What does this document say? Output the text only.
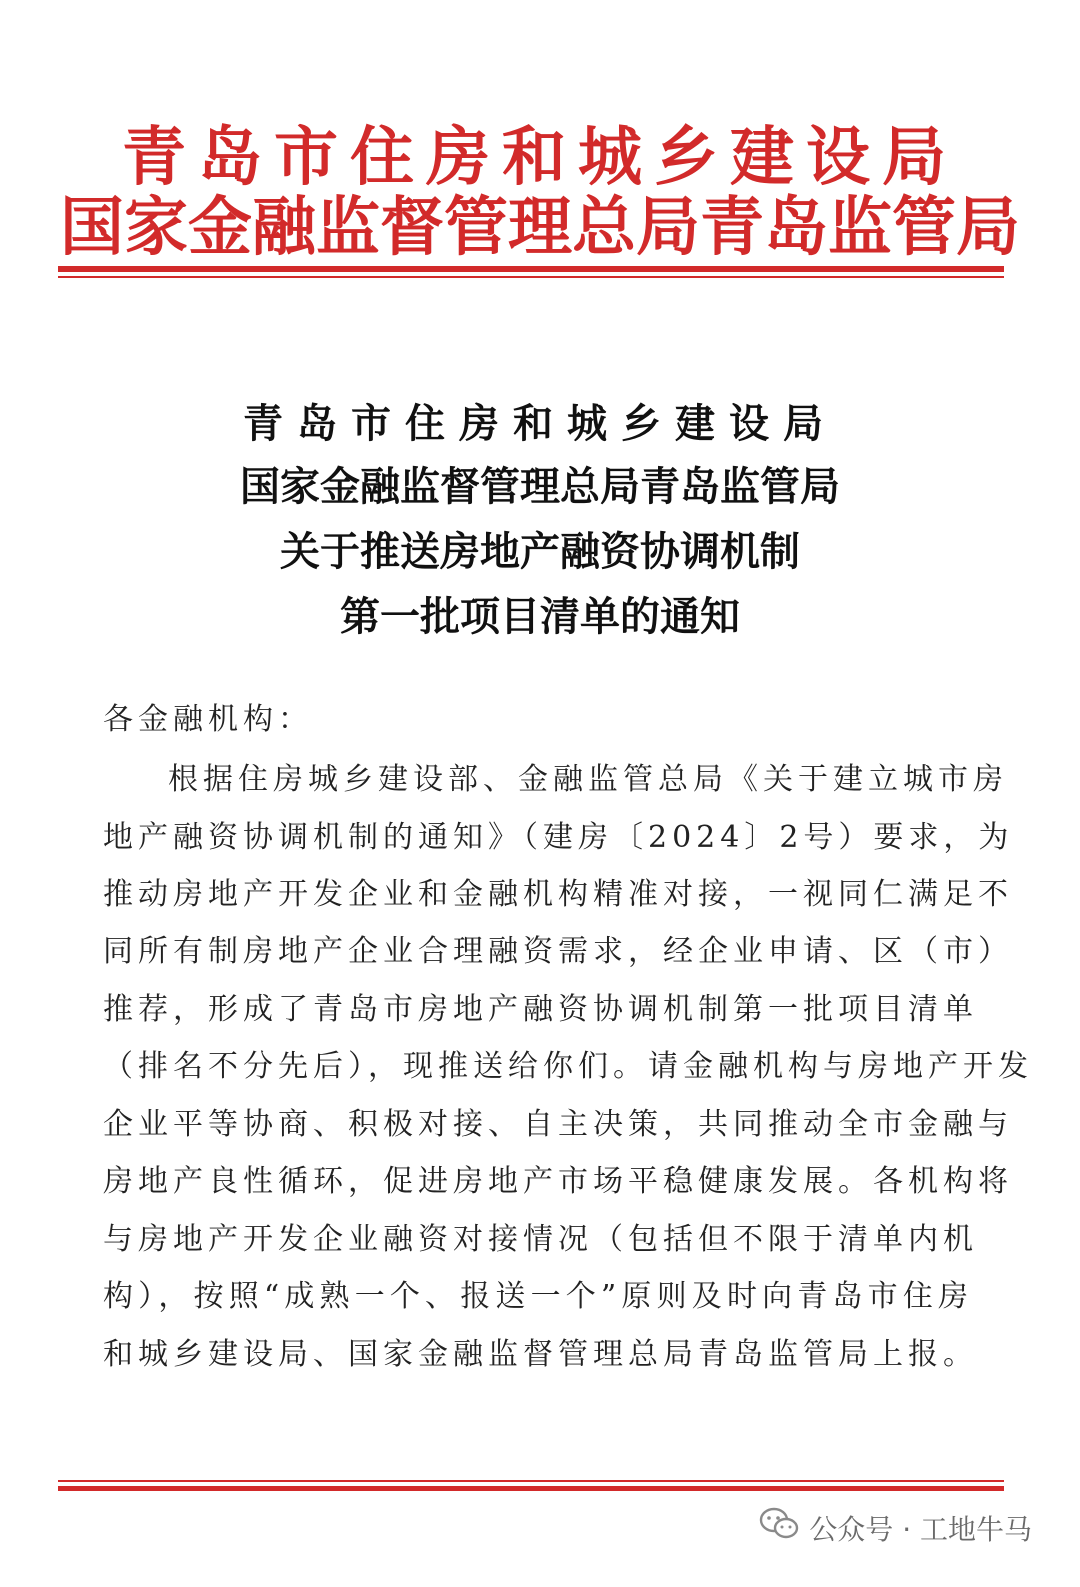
青岛市住房和城乡建设局
国家金融监督管理总局青岛监管局
青岛市住房和城乡建设局
国家金融监督管理总局青岛监管局
关于推送房地产融资协调机制
第一批项目清单的通知
各金融机构：
根据住房城乡建设部、金融监管总局《关于建立城市房
地产融资协调机制的通知》（建房〔2024〕2号）要求，为
推动房地产开发企业和金融机构精准对接，一视同仁满足不
同所有制房地产企业合理融资需求，经企业申请、区（市）
推荐，形成了青岛市房地产融资协调机制第一批项目清单
（排名不分先后），现推送给你们。请金融机构与房地产开发
企业平等协商、积极对接、自主决策，共同推动全市金融与
房地产良性循环，促进房地产市场平稳健康发展。各机构将
与房地产开发企业融资对接情况（包括但不限于清单内机
构），按照“成熟一个、报送一个”原则及时向青岛市住房
和城乡建设局、国家金融监督管理总局青岛监管局上报。
公众号 · 工地牛马
